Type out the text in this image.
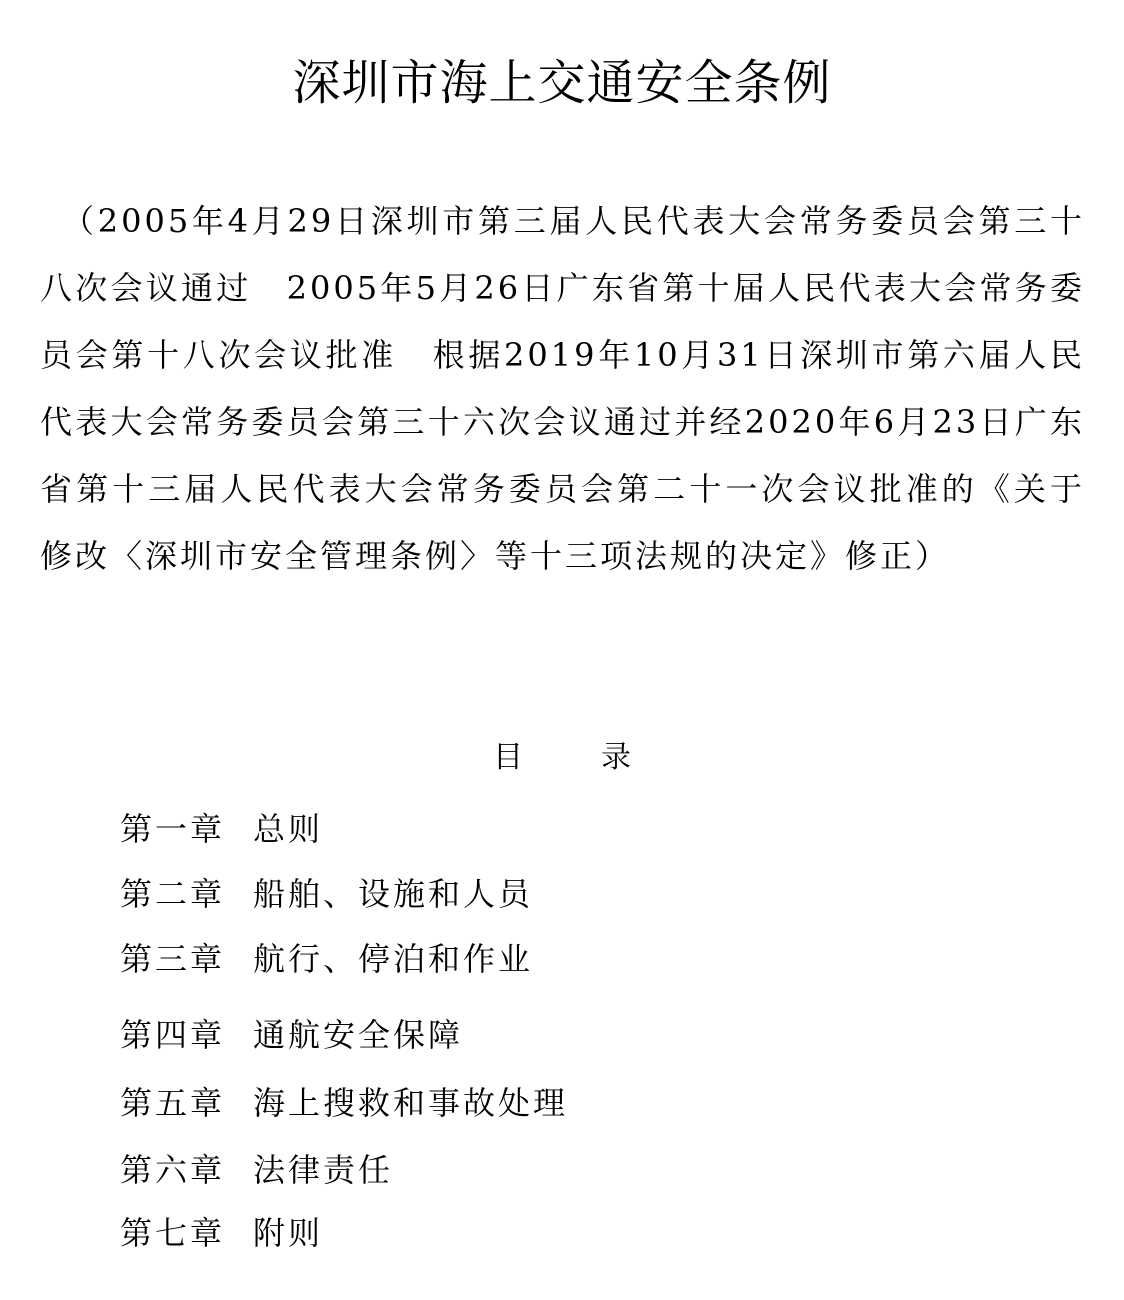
深圳市海上交通安全条例

（2005年4月29日深圳市第三届人民代表大会常务委员会第三十八次会议通过　2005年5月26日广东省第十届人民代表大会常务委员会第十八次会议批准　根据2019年10月31日深圳市第六届人民代表大会常务委员会第三十六次会议通过并经2020年6月23日广东省第十三届人民代表大会常务委员会第二十一次会议批准的《关于修改〈深圳市安全管理条例〉等十三项法规的决定》修正）

目	录
第一章 总则
第二章 船舶、设施和人员
第三章 航行、停泊和作业
第四章 通航安全保障
第五章 海上搜救和事故处理
第六章 法律责任
第七章 附则
